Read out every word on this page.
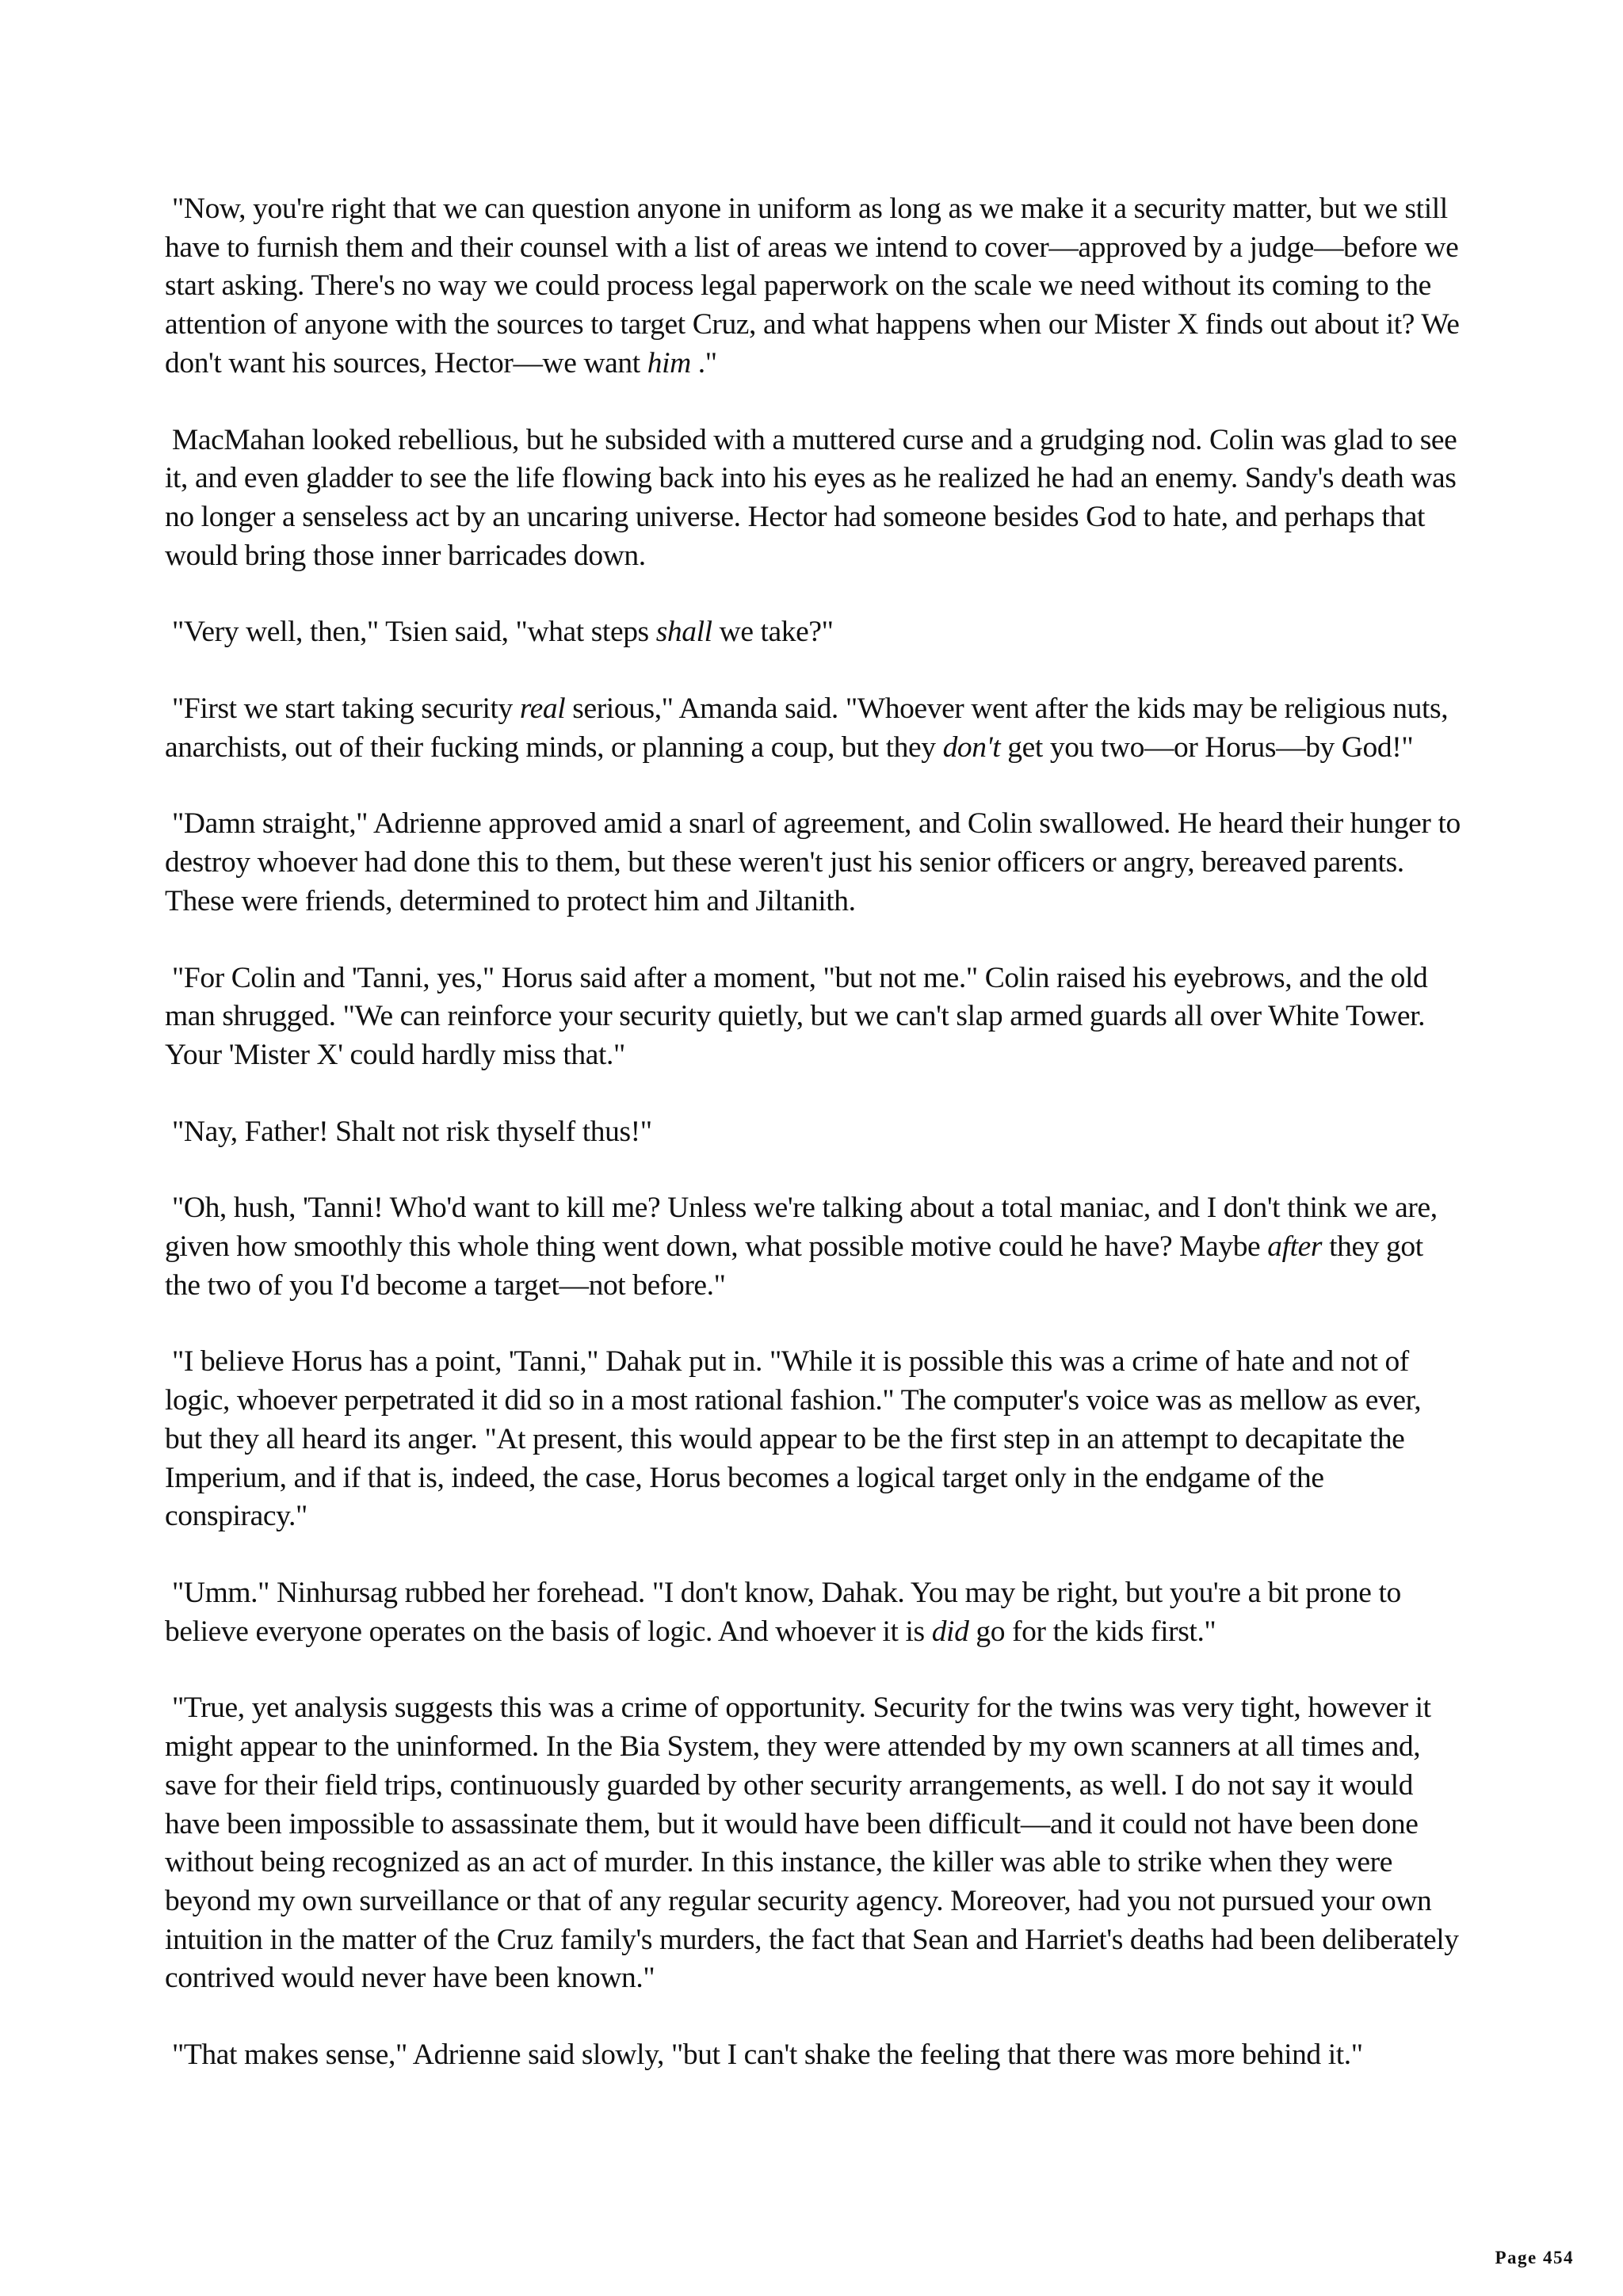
"Now, you're right that we can question anyone in uniform as long as we make it a security matter, but we still have to furnish them and their counsel with a list of areas we intend to cover—approved by a judge—before we start asking. There's no way we could process legal paperwork on the scale we need without its coming to the attention of anyone with the sources to target Cruz, and what happens when our Mister X finds out about it? We don't want his sources, Hector—we want him ."

MacMahan looked rebellious, but he subsided with a muttered curse and a grudging nod. Colin was glad to see it, and even gladder to see the life flowing back into his eyes as he realized he had an enemy. Sandy's death was no longer a senseless act by an uncaring universe. Hector had someone besides God to hate, and perhaps that would bring those inner barricades down.

"Very well, then," Tsien said, "what steps shall we take?"

"First we start taking security real serious," Amanda said. "Whoever went after the kids may be religious nuts, anarchists, out of their fucking minds, or planning a coup, but they don't get you two—or Horus—by God!"

"Damn straight," Adrienne approved amid a snarl of agreement, and Colin swallowed. He heard their hunger to destroy whoever had done this to them, but these weren't just his senior officers or angry, bereaved parents. These were friends, determined to protect him and Jiltanith.

"For Colin and 'Tanni, yes," Horus said after a moment, "but not me." Colin raised his eyebrows, and the old man shrugged. "We can reinforce your security quietly, but we can't slap armed guards all over White Tower. Your 'Mister X' could hardly miss that."

"Nay, Father! Shalt not risk thyself thus!"

"Oh, hush, 'Tanni! Who'd want to kill me? Unless we're talking about a total maniac, and I don't think we are, given how smoothly this whole thing went down, what possible motive could he have? Maybe after they got the two of you I'd become a target—not before."

"I believe Horus has a point, 'Tanni," Dahak put in. "While it is possible this was a crime of hate and not of logic, whoever perpetrated it did so in a most rational fashion." The computer's voice was as mellow as ever, but they all heard its anger. "At present, this would appear to be the first step in an attempt to decapitate the Imperium, and if that is, indeed, the case, Horus becomes a logical target only in the endgame of the conspiracy."

"Umm." Ninhursag rubbed her forehead. "I don't know, Dahak. You may be right, but you're a bit prone to believe everyone operates on the basis of logic. And whoever it is did go for the kids first."

"True, yet analysis suggests this was a crime of opportunity. Security for the twins was very tight, however it might appear to the uninformed. In the Bia System, they were attended by my own scanners at all times and, save for their field trips, continuously guarded by other security arrangements, as well. I do not say it would have been impossible to assassinate them, but it would have been difficult—and it could not have been done without being recognized as an act of murder. In this instance, the killer was able to strike when they were beyond my own surveillance or that of any regular security agency. Moreover, had you not pursued your own intuition in the matter of the Cruz family's murders, the fact that Sean and Harriet's deaths had been deliberately contrived would never have been known."

"That makes sense," Adrienne said slowly, "but I can't shake the feeling that there was more behind it."

Page 454
